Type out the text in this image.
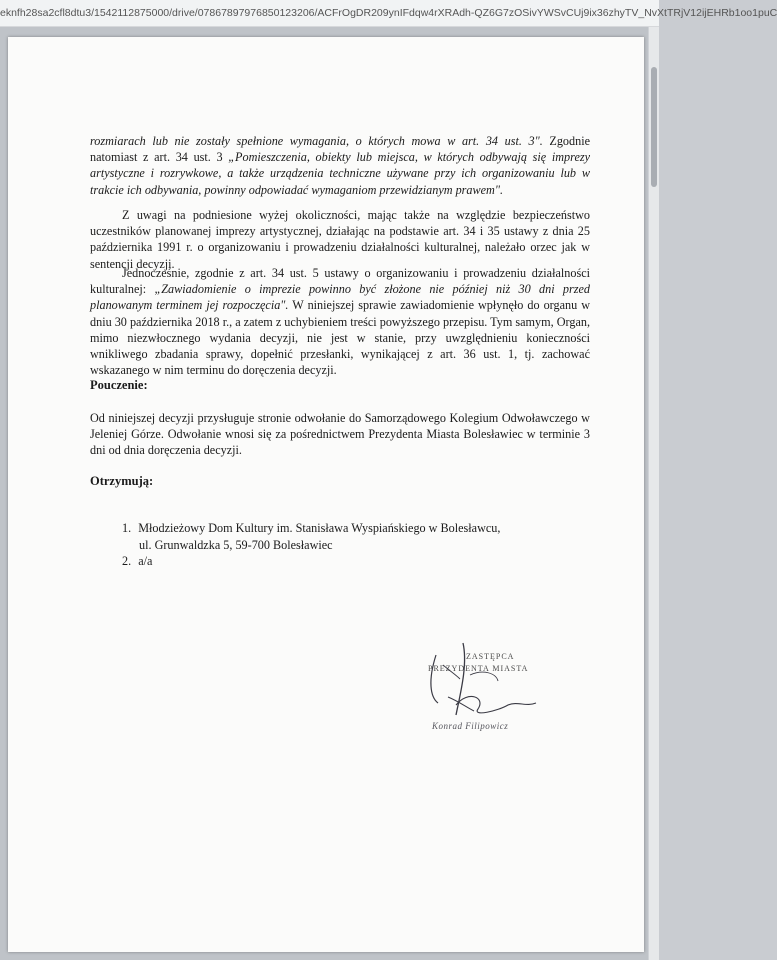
eknfh28sa2cfl8dtu3/1542112875000/drive/07867897976850123206/ACFrOgDR209ynIFdqw4rXRAdh-QZ6G7zOSivYWSvCUj9ix36zhyTV_NvXtTRjV12ijEHRb1oo1puC

rozmiarach lub nie zostały spełnione wymagania, o których mowa w art. 34 ust. 3". Zgodnie natomiast z art. 34 ust. 3 „Pomieszczenia, obiekty lub miejsca, w których odbywają się imprezy artystyczne i rozrywkowe, a także urządzenia techniczne używane przy ich organizowaniu lub w trakcie ich odbywania, powinny odpowiadać wymaganiom przewidzianym prawem".

Z uwagi na podniesione wyżej okoliczności, mając także na względzie bezpieczeństwo uczestników planowanej imprezy artystycznej, działając na podstawie art. 34 i 35 ustawy z dnia 25 października 1991 r. o organizowaniu i prowadzeniu działalności kulturalnej, należało orzec jak w sentencji decyzji.

Jednocześnie, zgodnie z art. 34 ust. 5 ustawy o organizowaniu i prowadzeniu działalności kulturalnej: „Zawiadomienie o imprezie powinno być złożone nie później niż 30 dni przed planowanym terminem jej rozpoczęcia". W niniejszej sprawie zawiadomienie wpłynęło do organu w dniu 30 października 2018 r., a zatem z uchybieniem treści powyższego przepisu. Tym samym, Organ, mimo niezwłocznego wydania decyzji, nie jest w stanie, przy uwzględnieniu konieczności wnikliwego zbadania sprawy, dopełnić przesłanki, wynikającej z art. 36 ust. 1, tj. zachować wskazanego w nim terminu do doręczenia decyzji.

Pouczenie:

Od niniejszej decyzji przysługuje stronie odwołanie do Samorządowego Kolegium Odwoławczego w Jeleniej Górze. Odwołanie wnosi się za pośrednictwem Prezydenta Miasta Bolesławiec w terminie 3 dni od dnia doręczenia decyzji.

Otrzymują:
1. Młodzieżowy Dom Kultury im. Stanisława Wyspiańskiego w Bolesławcu,
ul. Grunwaldzka 5, 59-700 Bolesławiec
2. a/a
ZASTĘPCA
PREZYDENTA MIASTA
Konrad Filipowicz
